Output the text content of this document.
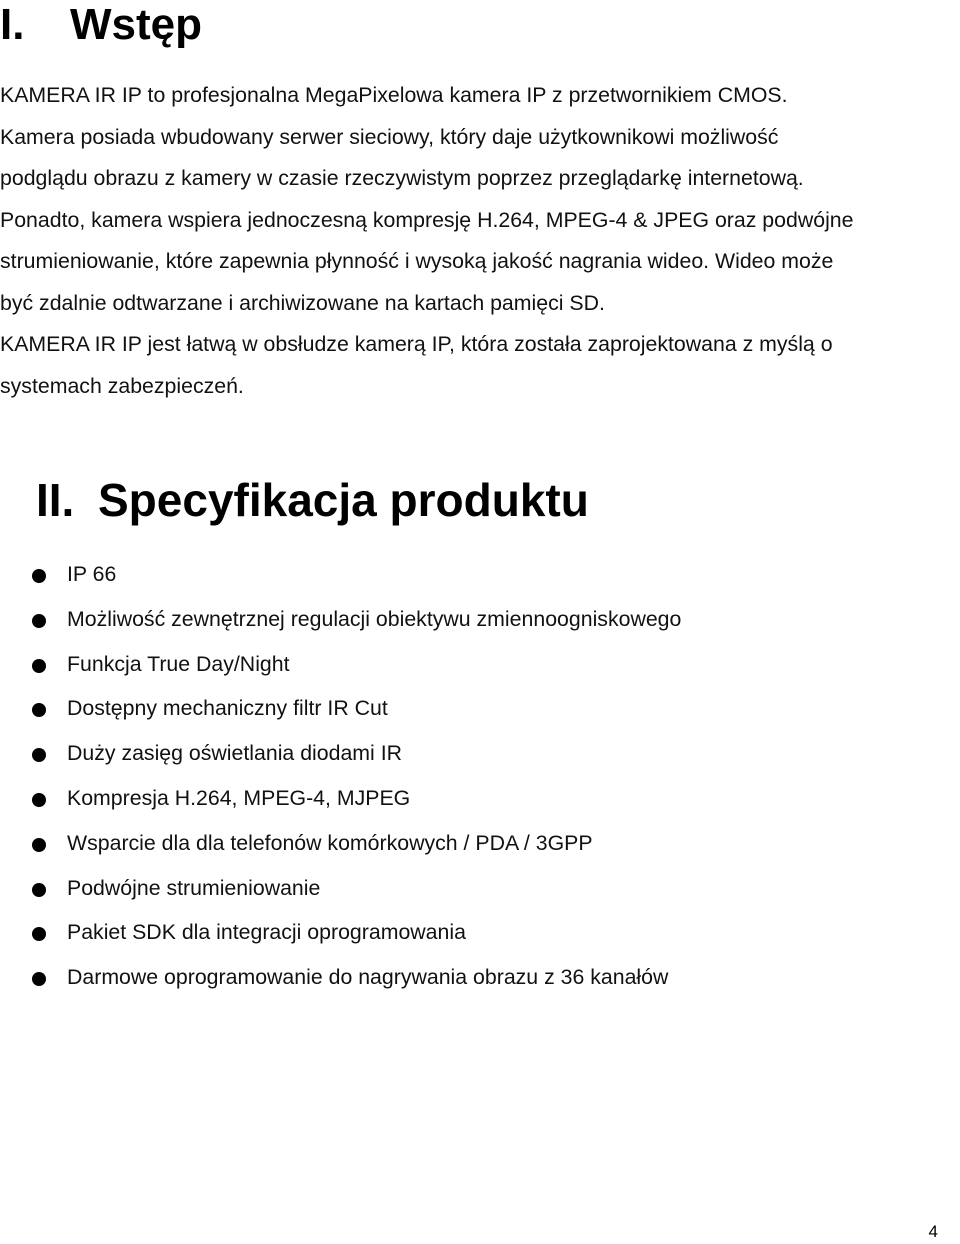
I. Wstęp

KAMERA IR IP to profesjonalna MegaPixelowa kamera IP z przetwornikiem CMOS.
Kamera posiada wbudowany serwer sieciowy, który daje użytkownikowi możliwość
podglądu obrazu z kamery w czasie rzeczywistym poprzez przeglądarkę internetową.
Ponadto, kamera wspiera jednoczesną kompresję H.264, MPEG-4 & JPEG oraz podwójne
strumieniowanie, które zapewnia płynność i wysoką jakość nagrania wideo. Wideo może
być zdalnie odtwarzane i archiwizowane na kartach pamięci SD.

KAMERA IR IP jest łatwą w obsłudze kamerą IP, która została zaprojektowana z myślą o
systemach zabezpieczeń.

II. Specyfikacja produktu
IP 66
Możliwość zewnętrznej regulacji obiektywu zmiennoogniskowego
Funkcja True Day/Night
Dostępny mechaniczny filtr IR Cut
Duży zasięg oświetlania diodami IR
Kompresja H.264, MPEG-4, MJPEG
Wsparcie dla dla telefonów komórkowych / PDA / 3GPP
Podwójne strumieniowanie
Pakiet SDK dla integracji oprogramowania
Darmowe oprogramowanie do nagrywania obrazu z 36 kanałów
4
